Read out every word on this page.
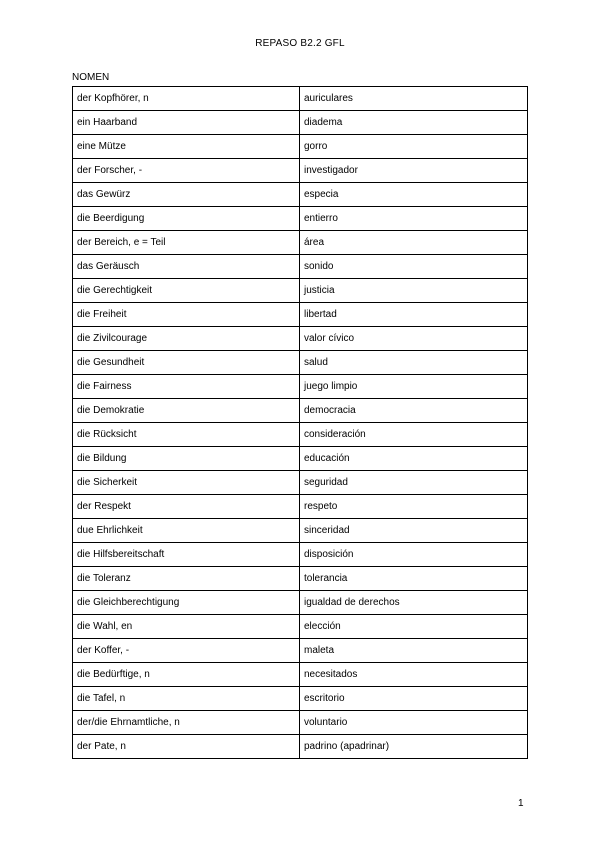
REPASO B2.2 GFL
NOMEN
der Kopfhörer, n	auriculares
ein Haarband	diadema
eine Mütze	gorro
der Forscher, -	investigador
das Gewürz	especia
die Beerdigung	entierro
der Bereich, e = Teil	área
das Geräusch	sonido
die Gerechtigkeit	justicia
die Freiheit	libertad
die Zivilcourage	valor cívico
die Gesundheit	salud
die Fairness	juego limpio
die Demokratie	democracia
die Rücksicht	consideración
die Bildung	educación
die Sicherkeit	seguridad
der Respekt	respeto
due Ehrlichkeit	sinceridad
die Hilfsbereitschaft	disposición
die Toleranz	tolerancia
die Gleichberechtigung	igualdad de derechos
die Wahl, en	elección
der Koffer, -	maleta
die Bedürftige, n	necesitados
die Tafel, n	escritorio
der/die Ehrnamtliche, n	voluntario
der Pate, n	padrino (apadrinar)
1
